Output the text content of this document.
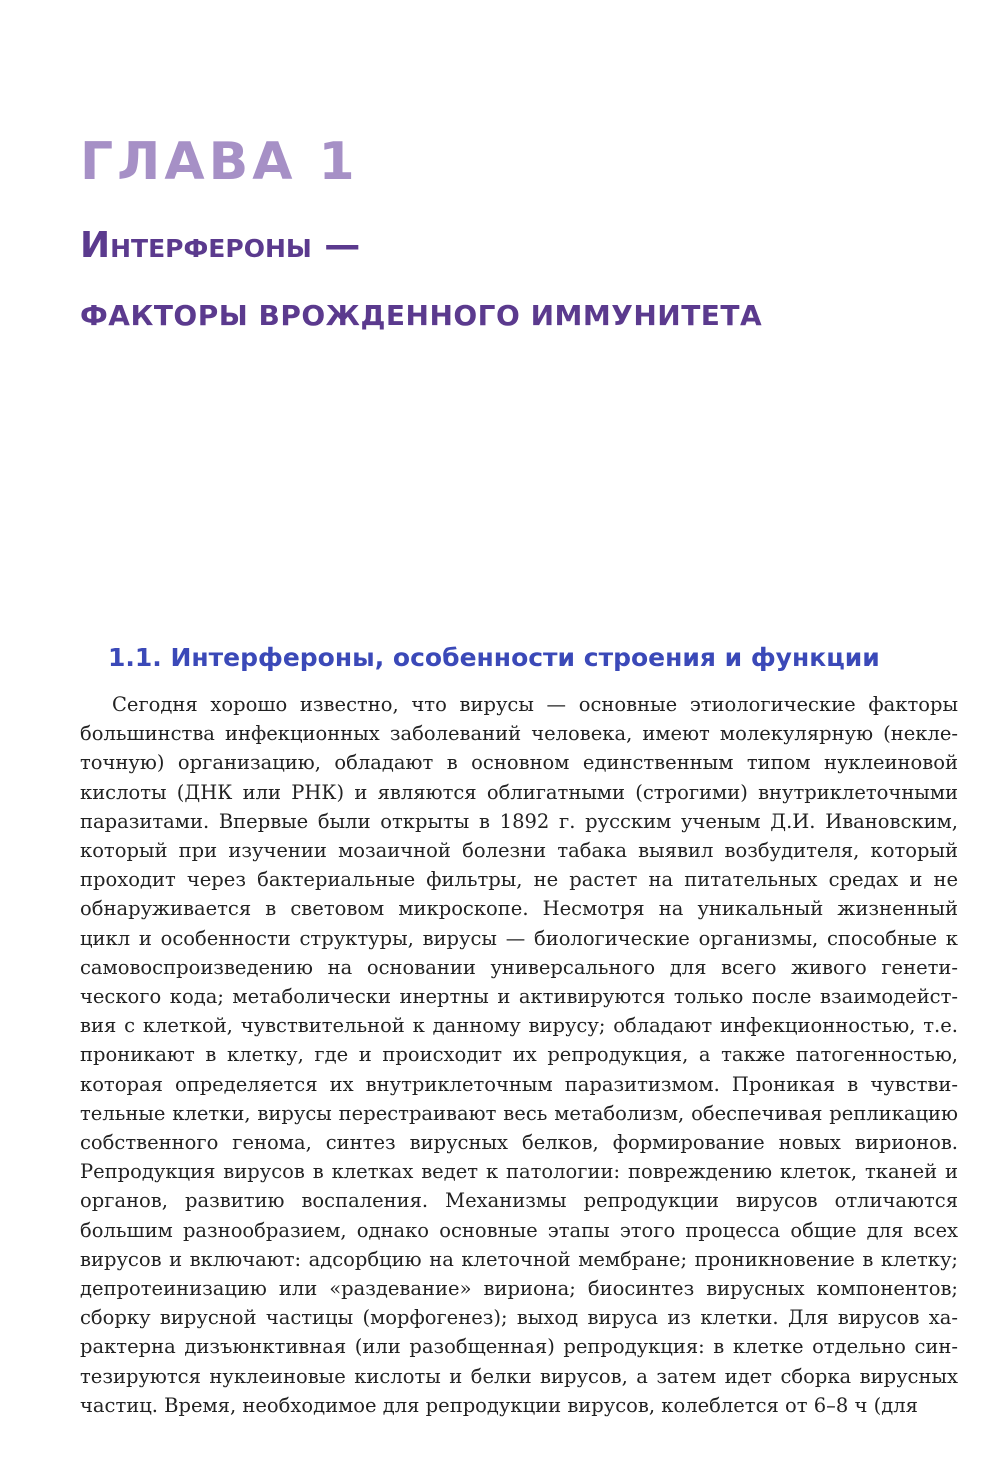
ГЛАВА 1
Интерфероны —
ФАКТОРЫ ВРОЖДЕННОГО ИММУНИТЕТА
1.1. Интерфероны, особенности строения и функции

Сегодня хорошо известно, что вирусы — основные этиологические факторы большинства инфекционных заболеваний человека, имеют молекулярную (неклеточную) организацию, обладают в основном единственным типом нуклеиновой кислоты (ДНК или РНК) и являются облигатными (строгими) внутриклеточными паразитами. Впервые были открыты в 1892 г. русским ученым Д.И. Ивановским, который при изучении мозаичной болезни табака выявил возбудителя, который проходит через бактериальные фильтры, не растет на питательных средах и не обнаруживается в световом микроскопе. Несмотря на уникальный жизненный цикл и особенности структуры, вирусы — биологические организмы, способные к самовоспроизведению на основании универсального для всего живого генетического кода; метаболически инертны и активируются только после взаимодействия с клеткой, чувствительной к данному вирусу; обладают инфекционностью, т.е. проникают в клетку, где и происходит их репродукция, а также патогенностью, которая определяется их внутриклеточным паразитизмом. Проникая в чувствительные клетки, вирусы перестраивают весь метаболизм, обеспечивая репликацию собственного генома, синтез вирусных белков, формирование новых вирионов. Репродукция вирусов в клетках ведет к патологии: повреждению клеток, тканей и органов, развитию воспаления. Механизмы репродукции вирусов отличаются большим разнообразием, однако основные этапы этого процесса общие для всех вирусов и включают: адсорбцию на клеточной мембране; проникновение в клетку; депротеинизацию или «раздевание» вириона; биосинтез вирусных компонентов; сборку вирусной частицы (морфогенез); выход вируса из клетки. Для вирусов характерна дизъюнктивная (или разобщенная) репродукция: в клетке отдельно синтезируются нуклеиновые кислоты и белки вирусов, а затем идет сборка вирусных частиц. Время, необходимое для репродукции вирусов, колеблется от 6–8 ч (для
